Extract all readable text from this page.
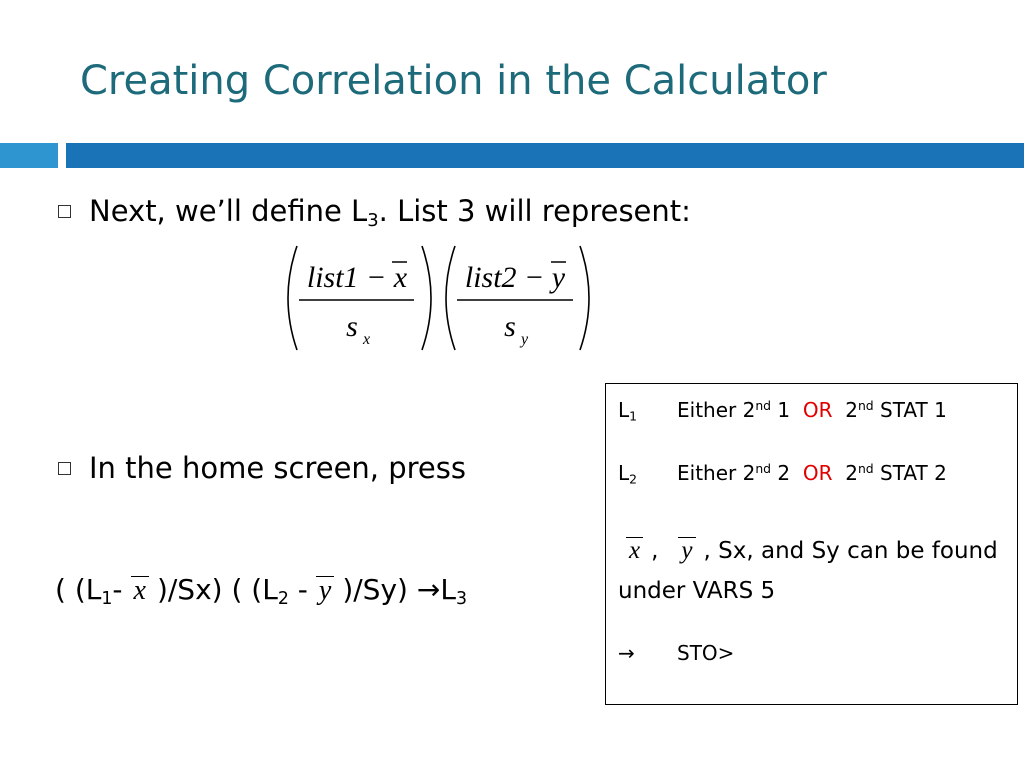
Creating Correlation in the Calculator
Next, we’ll define $L_3$. List 3 will represent:
list1 − x
s x
list2 − y
s y
In the home screen, press
( ($L_1-$ x )/Sx) ( ($L_2$ - y )$/Sy) \to L_3$
$L_1$ Either 2nd 1 OR 2nd STAT 1
$L_2$ Either 2nd 2 OR 2nd STAT 2
x , y , Sx, and Sy can be found under VARS 5
→ STO>
